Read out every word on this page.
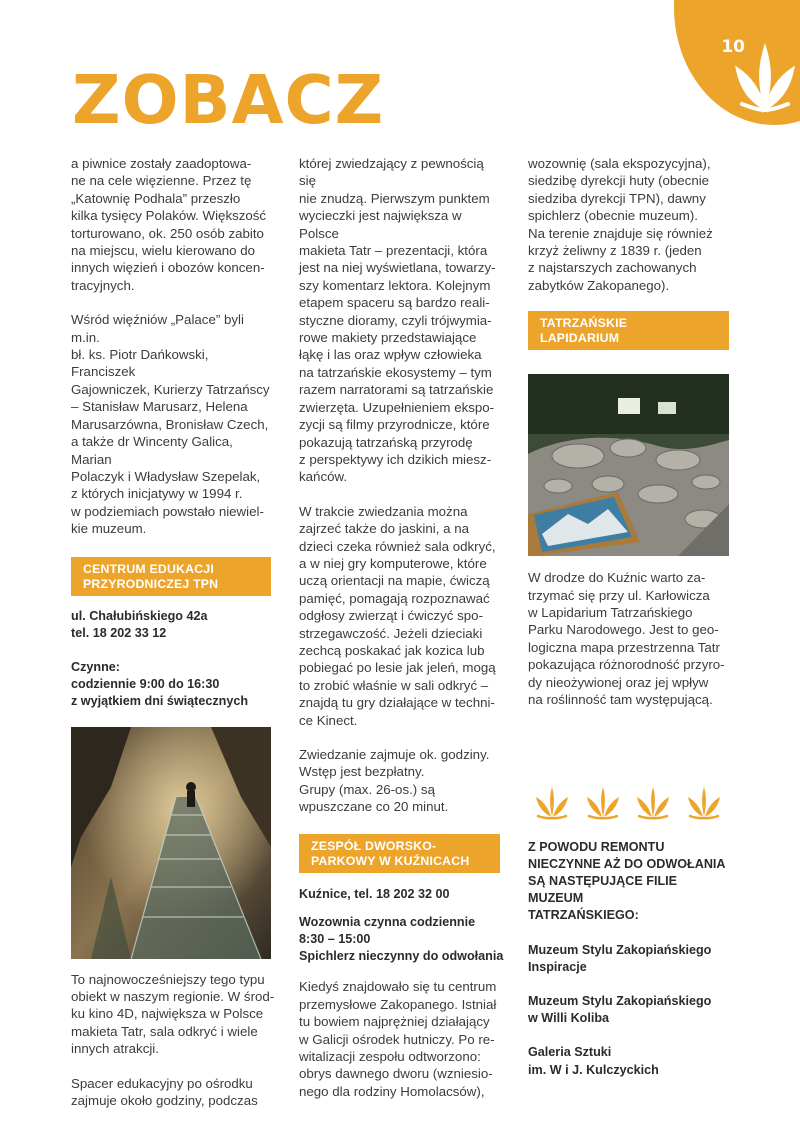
10
ZOBACZ

a piwnice zostały zaadoptowa-
ne na cele więzienne. Przez tę
„Katownię Podhala” przeszło
kilka tysięcy Polaków. Większość
torturowano, ok. 250 osób zabito
na miejscu, wielu kierowano do
innych więzień i obozów koncen-
tracyjnych.

Wśród więźniów „Palace” byli m.in.
bł. ks. Piotr Dańkowski, Franciszek
Gajowniczek, Kurierzy Tatrzańscy
– Stanisław Marusarz, Helena
Marusarzówna, Bronisław Czech,
a także dr Wincenty Galica, Marian
Polaczyk i Władysław Szepelak,
z których inicjatywy w 1994 r.
w podziemiach powstało niewiel-
kie muzeum.

CENTRUM EDUKACJI
PRZYRODNICZEJ TPN
ul. Chałubińskiego 42a
tel. 18 202 33 12
Czynne:
codziennie 9:00 do 16:30
z wyjątkiem dni świątecznych

To najnowocześniejszy tego typu
obiekt w naszym regionie. W środ-
ku kino 4D, największa w Polsce
makieta Tatr, sala odkryć i wiele
innych atrakcji.

Spacer edukacyjny po ośrodku
zajmuje około godziny, podczas

której zwiedzający z pewnością się
nie znudzą. Pierwszym punktem
wycieczki jest największa w Polsce
makieta Tatr – prezentacji, która
jest na niej wyświetlana, towarzy-
szy komentarz lektora. Kolejnym
etapem spaceru są bardzo reali-
styczne dioramy, czyli trójwymia-
rowe makiety przedstawiające
łąkę i las oraz wpływ człowieka
na tatrzańskie ekosystemy – tym
razem narratorami są tatrzańskie
zwierzęta. Uzupełnieniem ekspo-
zycji są filmy przyrodnicze, które
pokazują tatrzańską przyrodę
z perspektywy ich dzikich miesz-
kańców.

W trakcie zwiedzania można
zajrzeć także do jaskini, a na
dzieci czeka również sala odkryć,
a w niej gry komputerowe, które
uczą orientacji na mapie, ćwiczą
pamięć, pomagają rozpoznawać
odgłosy zwierząt i ćwiczyć spo-
strzegawczość. Jeżeli dzieciaki
zechcą poskakać jak kozica lub
pobiegać po lesie jak jeleń, mogą
to zrobić właśnie w sali odkryć –
znajdą tu gry działające w techni-
ce Kinect.

Zwiedzanie zajmuje ok. godziny.
Wstęp jest bezpłatny.
Grupy (max. 26-os.) są
wpuszczane co 20 minut.

ZESPÓŁ DWORSKO-
PARKOWY W KUŹNICACH
Kuźnice, tel. 18 202 32 00
Wozownia czynna codziennie
8:30 – 15:00
Spichlerz nieczynny do odwołania

Kiedyś znajdowało się tu centrum
przemysłowe Zakopanego. Istniał
tu bowiem najprężniej działający
w Galicji ośrodek hutniczy. Po re-
witalizacji zespołu odtworzono:
obrys dawnego dworu (wzniesio-
nego dla rodziny Homolacsów),

wozownię (sala ekspozycyjna),
siedzibę dyrekcji huty (obecnie
siedziba dyrekcji TPN), dawny
spichlerz (obecnie muzeum).
Na terenie znajduje się również
krzyż żeliwny z 1839 r. (jeden
z najstarszych zachowanych
zabytków Zakopanego).

TATRZAŃSKIE
LAPIDARIUM

W drodze do Kuźnic warto za-
trzymać się przy ul. Karłowicza
w Lapidarium Tatrzańskiego
Parku Narodowego. Jest to geo-
logiczna mapa przestrzenna Tatr
pokazująca różnorodność przyro-
dy nieożywionej oraz jej wpływ
na roślinność tam występującą.

Z POWODU REMONTU
NIECZYNNE AŻ DO ODWOŁANIA
SĄ NASTĘPUJĄCE FILIE MUZEUM
TATRZAŃSKIEGO:
Muzeum Stylu Zakopiańskiego
Inspiracje
Muzeum Stylu Zakopiańskiego
w Willi Koliba
Galeria Sztuki
im. W i J. Kulczyckich
